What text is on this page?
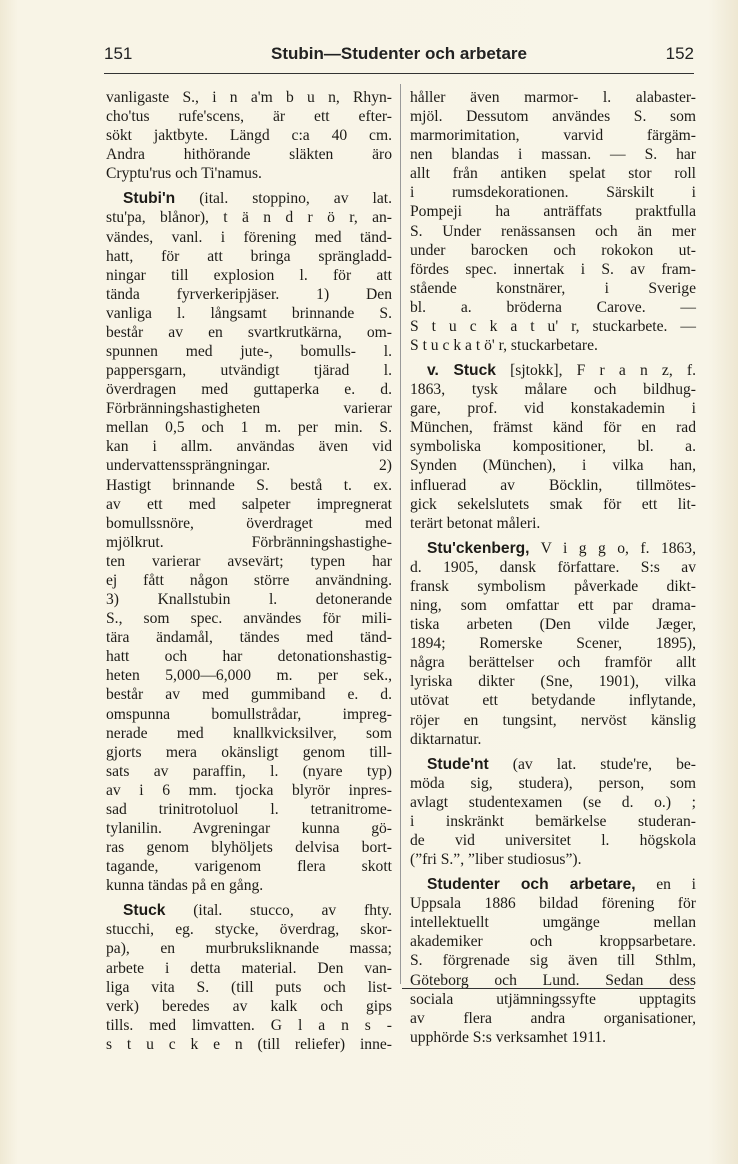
151	Stubin—Studenter och arbetare	152
vanligaste S., i n a'm b u n, Rhyn-
cho'tus rufe'scens, är ett efter-
sökt jaktbyte. Längd c:a 40 cm.
Andra hithörande släkten äro
Cryptu'rus och Ti'namus.
Stubi'n (ital. stoppino, av lat.
stu'pa, blånor), t ä n d r ö r, an-
vändes, vanl. i förening med tänd-
hatt, för att bringa sprängladd-
ningar till explosion l. för att
tända fyrverkeripjäser. 1) Den
vanliga l. långsamt brinnande S.
består av en svartkrutkärna, om-
spunnen med jute-, bomulls- l.
pappersgarn, utvändigt tjärad l.
överdragen med guttaperka e. d.
Förbränningshastigheten varierar
mellan 0,5 och 1 m. per min. S.
kan i allm. användas även vid
undervattenssprängningar. 2)
Hastigt brinnande S. bestå t. ex.
av ett med salpeter impregnerat
bomullssnöre, överdraget med
mjölkrut. Förbränningshastighe-
ten varierar avsevärt; typen har
ej fått någon större användning.
3) Knallstubin l. detonerande
S., som spec. användes för mili-
tära ändamål, tändes med tänd-
hatt och har detonationshastig-
heten 5,000—6,000 m. per sek.,
består av med gummiband e. d.
omspunna bomullstrådar, impreg-
nerade med knallkvicksilver, som
gjorts mera okänsligt genom till-
sats av paraffin, l. (nyare typ)
av i 6 mm. tjocka blyrör inpres-
sad trinitrotoluol l. tetranitrome-
tylanilin. Avgreningar kunna gö-
ras genom blyhöljets delvisa bort-
tagande, varigenom flera skott
kunna tändas på en gång.
Stuck (ital. stucco, av fhty.
stucchi, eg. stycke, överdrag, skor-
pa), en murbruksliknande massa;
arbete i detta material. Den van-
liga vita S. (till puts och list-
verk) beredes av kalk och gips
tills. med limvatten. G l a n s -
s t u c k e n (till reliefer) inne-
håller även marmor- l. alabaster-
mjöl. Dessutom användes S. som
marmorimitation, varvid färgäm-
nen blandas i massan. — S. har
allt från antiken spelat stor roll
i rumsdekorationen. Särskilt i
Pompeji ha anträffats praktfulla
S. Under renässansen och än mer
under barocken och rokokon ut-
fördes spec. innertak i S. av fram-
stående konstnärer, i Sverige
bl. a. bröderna Carove. —
S t u c k a t u' r, stuckarbete. —
S t u c k a t ö' r, stuckarbetare.
v. Stuck [sjtokk], F r a n z, f.
1863, tysk målare och bildhug-
gare, prof. vid konstakademin i
München, främst känd för en rad
symboliska kompositioner, bl. a.
Synden (München), i vilka han,
influerad av Böcklin, tillmötes-
gick sekelslutets smak för ett lit-
terärt betonat måleri.
Stu'ckenberg, V i g g o, f. 1863,
d. 1905, dansk författare. S:s av
fransk symbolism påverkade dikt-
ning, som omfattar ett par drama-
tiska arbeten (Den vilde Jæger,
1894; Romerske Scener, 1895),
några berättelser och framför allt
lyriska dikter (Sne, 1901), vilka
utövat ett betydande inflytande,
röjer en tungsint, nervöst känslig
diktarnatur.
Stude'nt (av lat. stude're, be-
möda sig, studera), person, som
avlagt studentexamen (se d. o.) ;
i inskränkt bemärkelse studeran-
de vid universitet l. högskola
(”fri S.”, ”liber studiosus”).
Studenter och arbetare, en i
Uppsala 1886 bildad förening för
intellektuellt umgänge mellan
akademiker och kroppsarbetare.
S. förgrenade sig även till Sthlm,
Göteborg och Lund. Sedan dess
sociala utjämningssyfte upptagits
av flera andra organisationer,
upphörde S:s verksamhet 1911.
